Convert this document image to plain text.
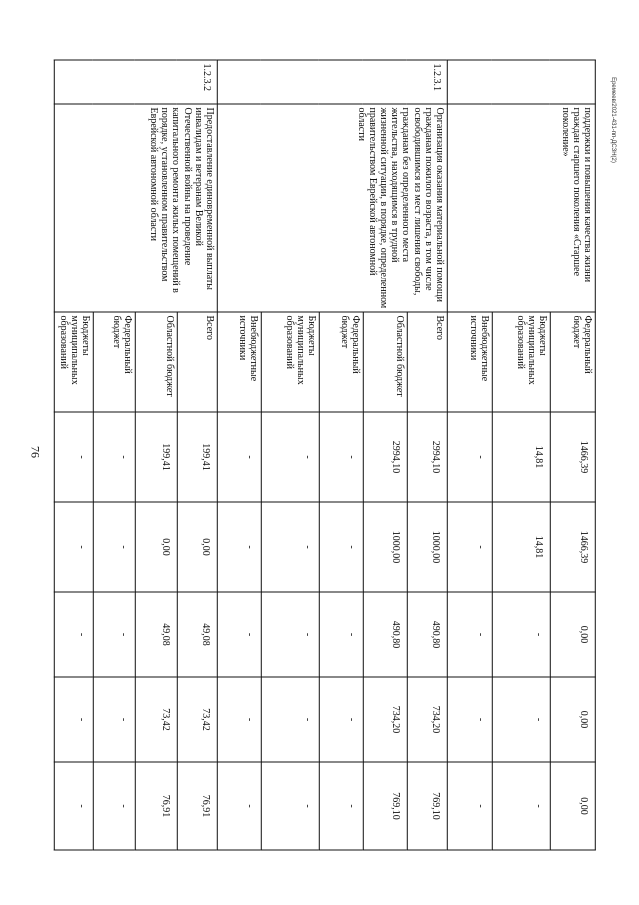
76
Еремеев/2021-431-пп-ДСЗН(2)
	поддержки и повышения качества жизни граждан старшего поколения «Старшее поколение»	Федеральный бюджет	1466,39	1466,39	0,00	0,00	0,00
		Бюджеты муниципальных образований	14,81	14,81	-	-	-
		Внебюджетные источники	-	-	-	-	-
1.2.3.1	Организация оказания материальной помощи гражданам пожилого возраста, в том числе освободившимся из мест лишения свободы, гражданам без определенного места жительства, находящимся в трудной жизненной ситуации, в порядке, определенном правительством Еврейской автономной области	Всего	2994,10	1000,00	490,80	734,20	769,10
		Областной бюджет	2994,10	1000,00	490,80	734,20	769,10
		Федеральный бюджет	-	-	-	-	-
		Бюджеты муниципальных образований	-	-	-	-	-
		Внебюджетные источники	-	-	-	-	-
1.2.3.2	Предоставление единовременной выплаты инвалидам и ветеранам Великой Отечественной войны на проведение капитального ремонта жилых помещений в порядке, установленном правительством Еврейской автономной области	Всего	199,41	0,00	49,08	73,42	76,91
		Областной бюджет	199,41	0,00	49,08	73,42	76,91
		Федеральный бюджет	-	-	-	-	-
		Бюджеты муниципальных образований	-	-	-	-	-
